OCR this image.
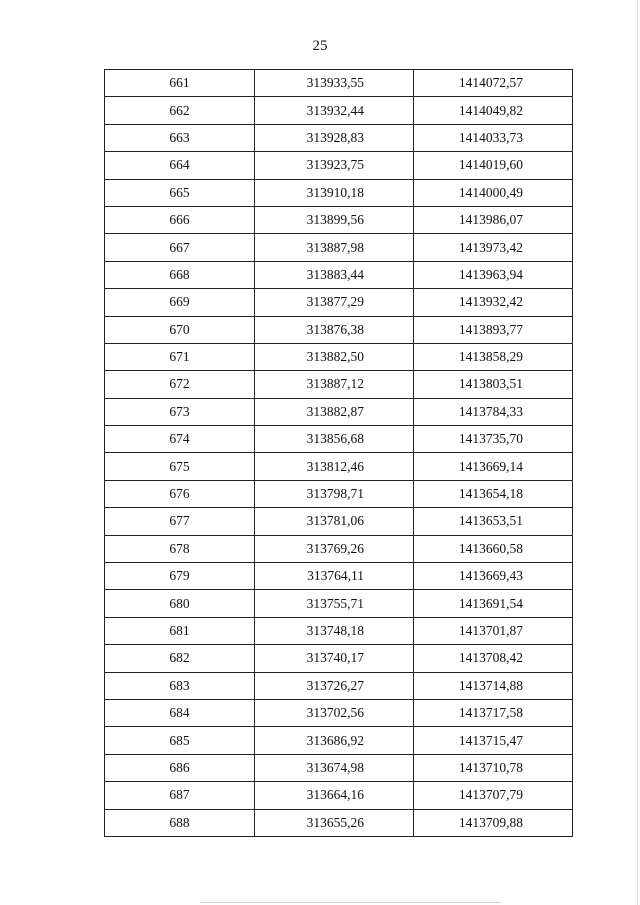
25
661	313933,55	1414072,57
662	313932,44	1414049,82
663	313928,83	1414033,73
664	313923,75	1414019,60
665	313910,18	1414000,49
666	313899,56	1413986,07
667	313887,98	1413973,42
668	313883,44	1413963,94
669	313877,29	1413932,42
670	313876,38	1413893,77
671	313882,50	1413858,29
672	313887,12	1413803,51
673	313882,87	1413784,33
674	313856,68	1413735,70
675	313812,46	1413669,14
676	313798,71	1413654,18
677	313781,06	1413653,51
678	313769,26	1413660,58
679	313764,11	1413669,43
680	313755,71	1413691,54
681	313748,18	1413701,87
682	313740,17	1413708,42
683	313726,27	1413714,88
684	313702,56	1413717,58
685	313686,92	1413715,47
686	313674,98	1413710,78
687	313664,16	1413707,79
688	313655,26	1413709,88
